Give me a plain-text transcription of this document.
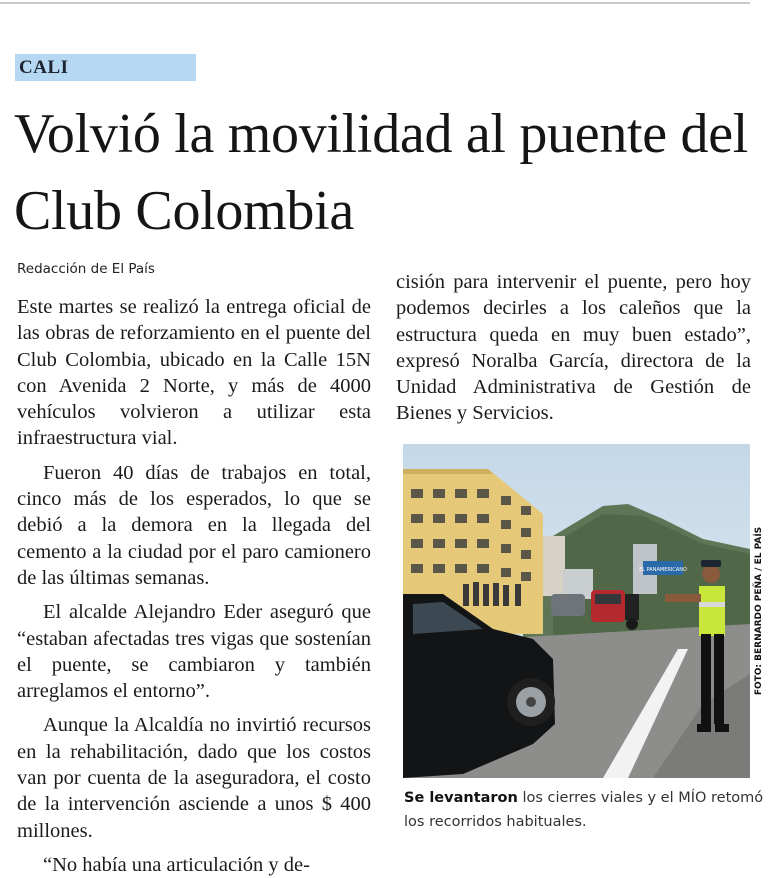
CALI
Volvió la movilidad al puente del Club Colombia
Redacción de El País

Este martes se realizó la entrega oficial de las obras de reforzamiento en el puente del Club Colombia, ubicado en la Calle 15N con Avenida 2 Norte, y más de 4000 vehículos volvieron a utilizar esta infraestructura vial.

Fueron 40 días de trabajos en total, cinco más de los esperados, lo que se debió a la demora en la llegada del cemento a la ciudad por el paro camionero de las últimas semanas.

El alcalde Alejandro Eder aseguró que “estaban afectadas tres vigas que sostenían el puente, se cambiaron y también arreglamos el entorno”.

Aunque la Alcaldía no invirtió recursos en la rehabilitación, dado que los costos van por cuenta de la aseguradora, el costo de la intervención asciende a unos $ 400 millones.

“No había una articulación y de-

cisión para intervenir el puente, pero hoy podemos decirles a los caleños que la estructura queda en muy buen estado”, expresó Noralba García, directora de la Unidad Administrativa de Gestión de Bienes y Servicios.

EL PANAMERICANO	FOTO: BERNARDO PEÑA / EL PAÍS
Se levantaron los cierres viales y el MÍO retomó los recorridos habituales.
